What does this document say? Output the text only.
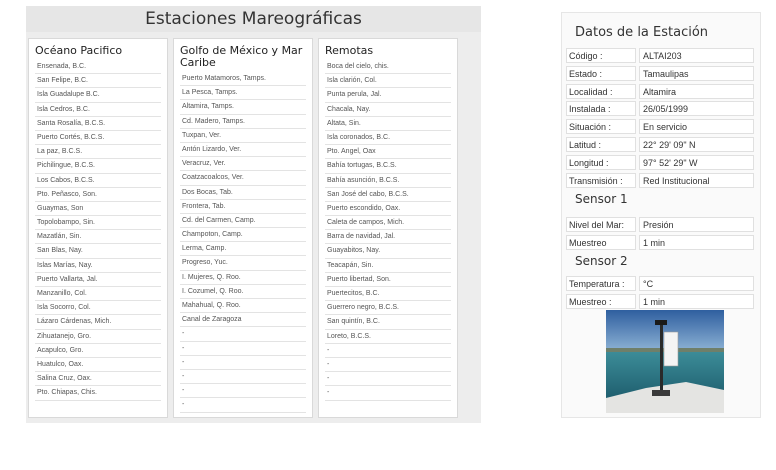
Estaciones Mareográficas
Océano Pacifico
Ensenada, B.C.
San Felipe, B.C.
Isla Guadalupe B.C.
Isla Cedros, B.C.
Santa Rosalía, B.C.S.
Puerto Cortés, B.C.S.
La paz, B.C.S.
Pichilingue, B.C.S.
Los Cabos, B.C.S.
Pto. Peñasco, Son.
Guaymas, Son
Topolobampo, Sin.
Mazatlán, Sin.
San Blas, Nay.
Islas Marías, Nay.
Puerto Vallarta, Jal.
Manzanillo, Col.
Isla Socorro, Col.
Lázaro Cárdenas, Mich.
Zihuatanejo, Gro.
Acapulco, Gro.
Huatulco, Oax.
Salina Cruz, Oax.
Pto. Chiapas, Chis.
Golfo de México y Mar Caribe
Puerto Matamoros, Tamps.
La Pesca, Tamps.
Altamira, Tamps.
Cd. Madero, Tamps.
Tuxpan, Ver.
Antón Lizardo, Ver.
Veracruz, Ver.
Coatzacoalcos, Ver.
Dos Bocas, Tab.
Frontera, Tab.
Cd. del Carmen, Camp.
Champoton, Camp.
Lerma, Camp.
Progreso, Yuc.
I. Mujeres, Q. Roo.
I. Cozumel, Q. Roo.
Mahahual, Q. Roo.
Canal de Zaragoza
-
-
-
-
-
-
Remotas
Boca del cielo, chis.
Isla clarión, Col.
Punta perula, Jal.
Chacala, Nay.
Altata, Sin.
Isla coronados, B.C.
Pto. Angel, Oax
Bahía tortugas, B.C.S.
Bahía asunción, B.C.S.
San José del cabo, B.C.S.
Puerto escondido, Oax.
Caleta de campos, Mich.
Barra de navidad, Jal.
Guayabitos, Nay.
Teacapán, Sin.
Puerto libertad, Son.
Puertecitos, B.C.
Guerrero negro, B.C.S.
San quintín, B.C.
Loreto, B.C.S.
-
-
-
-
Datos de la Estación
Código :	ALTAI203
Estado :	Tamaulipas
Localidad :	Altamira
Instalada :	26/05/1999
Situación :	En servicio
Latitud :	22° 29' 09" N
Longitud :	97° 52' 29" W
Transmisión :	Red Institucional
Sensor 1
Nivel del Mar:	Presión
Muestreo	1 min
Sensor 2
Temperatura :	°C
Muestreo :	1 min
